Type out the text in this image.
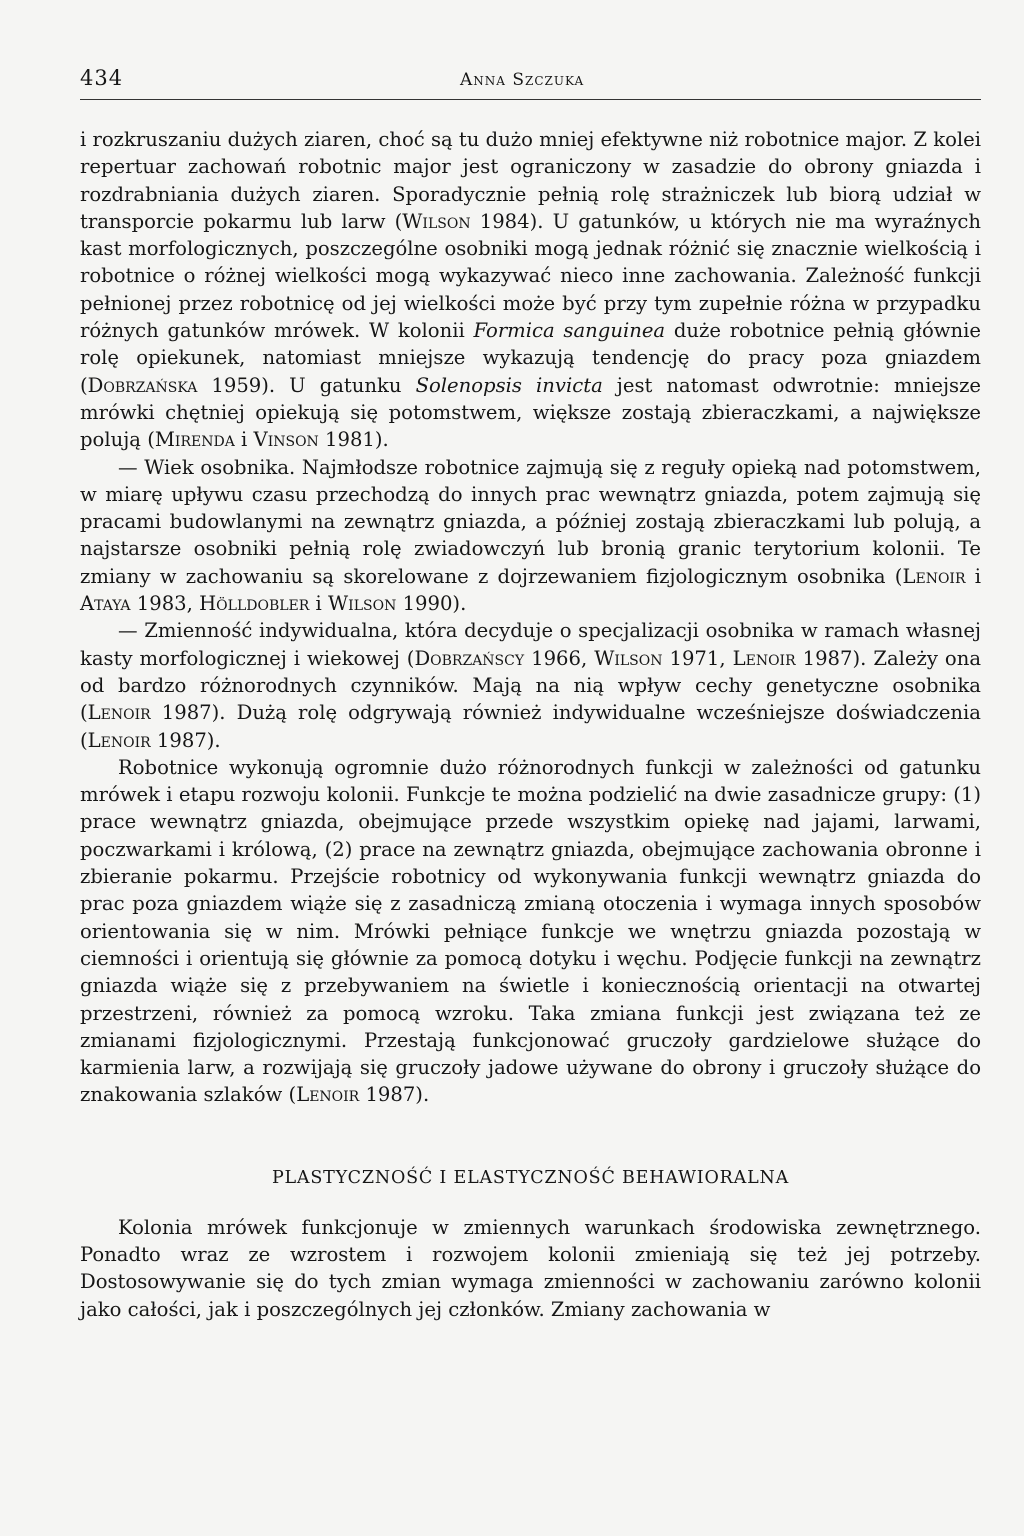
434	Anna Szczuka

i rozkruszaniu dużych ziaren, choć są tu dużo mniej efektywne niż robotnice major. Z kolei repertuar zachowań robotnic major jest ograniczony w zasadzie do obrony gniazda i rozdrabniania dużych ziaren. Sporadycznie pełnią rolę strażniczek lub biorą udział w transporcie pokarmu lub larw (Wilson 1984). U gatunków, u których nie ma wyraźnych kast morfologicznych, poszczególne osobniki mogą jednak różnić się znacznie wielkością i robotnice o różnej wielkości mogą wykazywać nieco inne zachowania. Zależność funkcji pełnionej przez robotnicę od jej wielkości może być przy tym zupełnie różna w przypadku różnych gatunków mrówek. W kolonii Formica sanguinea duże robotnice pełnią głównie rolę opiekunek, natomiast mniejsze wykazują tendencję do pracy poza gniazdem (Dobrzańska 1959). U gatunku Solenopsis invicta jest natomast odwrotnie: mniejsze mrówki chętniej opiekują się potomstwem, większe zostają zbieraczkami, a największe polują (Mirenda i Vinson 1981).

— Wiek osobnika. Najmłodsze robotnice zajmują się z reguły opieką nad potomstwem, w miarę upływu czasu przechodzą do innych prac wewnątrz gniazda, potem zajmują się pracami budowlanymi na zewnątrz gniazda, a później zostają zbieraczkami lub polują, a najstarsze osobniki pełnią rolę zwiadowczyń lub bronią granic terytorium kolonii. Te zmiany w zachowaniu są skorelowane z dojrzewaniem fizjologicznym osobnika (Lenoir i Ataya 1983, Hölldobler i Wilson 1990).

— Zmienność indywidualna, która decyduje o specjalizacji osobnika w ramach własnej kasty morfologicznej i wiekowej (Dobrzańscy 1966, Wilson 1971, Lenoir 1987). Zależy ona od bardzo różnorodnych czynników. Mają na nią wpływ cechy genetyczne osobnika (Lenoir 1987). Dużą rolę odgrywają również indywidualne wcześniejsze doświadczenia (Lenoir 1987).

Robotnice wykonują ogromnie dużo różnorodnych funkcji w zależności od gatunku mrówek i etapu rozwoju kolonii. Funkcje te można podzielić na dwie zasadnicze grupy: (1) prace wewnątrz gniazda, obejmujące przede wszystkim opiekę nad jajami, larwami, poczwarkami i królową, (2) prace na zewnątrz gniazda, obejmujące zachowania obronne i zbieranie pokarmu. Przejście robotnicy od wykonywania funkcji wewnątrz gniazda do prac poza gniazdem wiąże się z zasadniczą zmianą otoczenia i wymaga innych sposobów orientowania się w nim. Mrówki pełniące funkcje we wnętrzu gniazda pozostają w ciemności i orientują się głównie za pomocą dotyku i węchu. Podjęcie funkcji na zewnątrz gniazda wiąże się z przebywaniem na świetle i koniecznością orientacji na otwartej przestrzeni, również za pomocą wzroku. Taka zmiana funkcji jest związana też ze zmianami fizjologicznymi. Przestają funkcjonować gruczoły gardzielowe służące do karmienia larw, a rozwijają się gruczoły jadowe używane do obrony i gruczoły służące do znakowania szlaków (Lenoir 1987).

PLASTYCZNOŚĆ I ELASTYCZNOŚĆ BEHAWIORALNA

Kolonia mrówek funkcjonuje w zmiennych warunkach środowiska zewnętrznego. Ponadto wraz ze wzrostem i rozwojem kolonii zmieniają się też jej potrzeby. Dostosowywanie się do tych zmian wymaga zmienności w zachowaniu zarówno kolonii jako całości, jak i poszczególnych jej członków. Zmiany zachowania w
